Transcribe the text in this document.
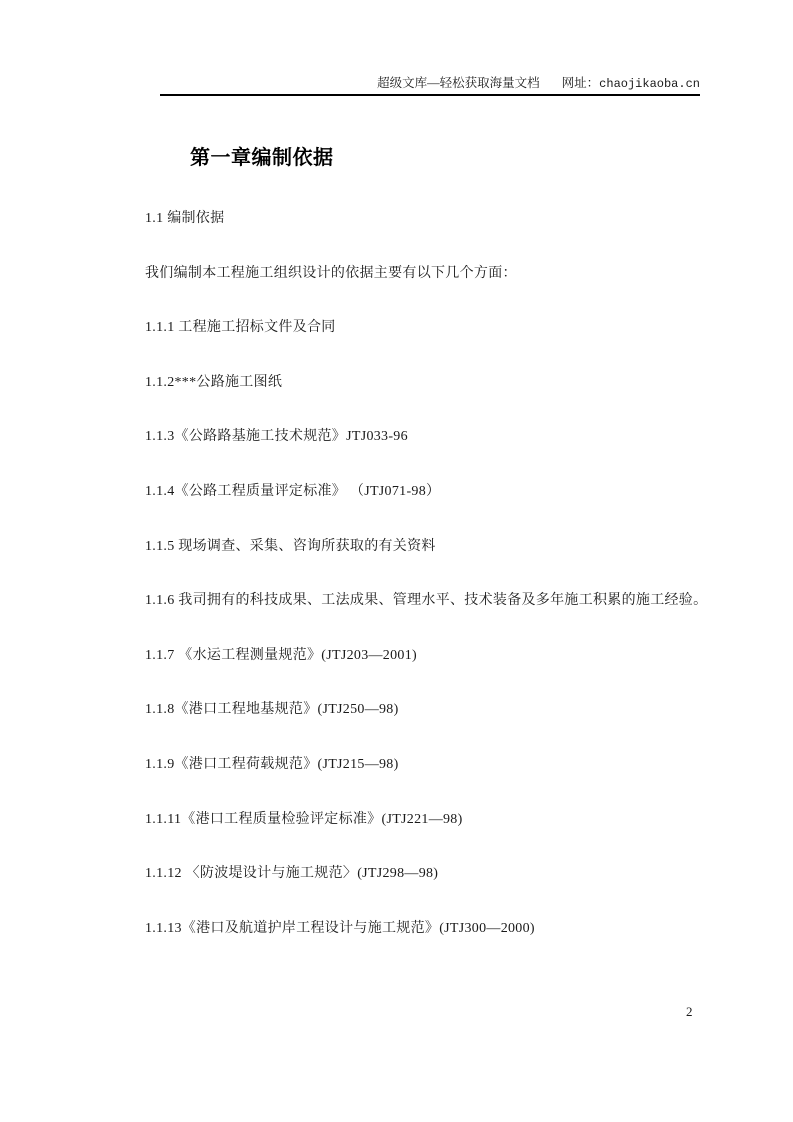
超级文库—轻松获取海量文档 网址：chaojikaoba.cn
第一章编制依据

1.1 编制依据

我们编制本工程施工组织设计的依据主要有以下几个方面：

1.1.1 工程施工招标文件及合同

1.1.2***公路施工图纸

1.1.3《公路路基施工技术规范》JTJ033-96

1.1.4《公路工程质量评定标准》 （JTJ071-98）

1.1.5 现场调查、采集、咨询所获取的有关资料

1.1.6 我司拥有的科技成果、工法成果、管理水平、技术装备及多年施工积累的施工经验。

1.1.7 《水运工程测量规范》(JTJ203—2001)

1.1.8《港口工程地基规范》(JTJ250—98)

1.1.9《港口工程荷载规范》(JTJ215—98)

1.1.11《港口工程质量检验评定标准》(JTJ221—98)

1.1.12 〈防波堤设计与施工规范〉(JTJ298—98)

1.1.13《港口及航道护岸工程设计与施工规范》(JTJ300—2000)

2
